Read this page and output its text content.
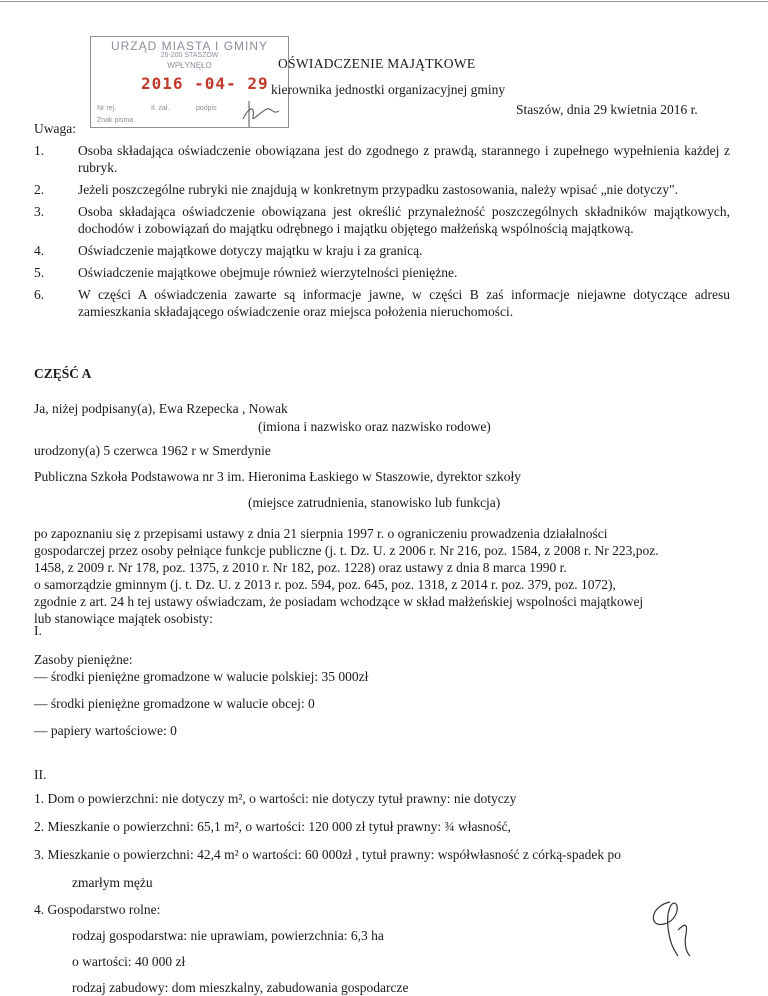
URZĄD MIASTA I GMINY
26-200 STASZÓW
WPŁYNĘŁO
2016 -04- 29
Nr rej.	Il. zał.	podpis
Znak pisma
OŚWIADCZENIE MAJĄTKOWE
kierownika jednostki organizacyjnej gminy
Staszów, dnia 29 kwietnia 2016 r.
Uwaga:
1.	Osoba składająca oświadczenie obowiązana jest do zgodnego z prawdą, starannego i zupełnego wypełnienia każdej z rubryk.
2.	Jeżeli poszczególne rubryki nie znajdują w konkretnym przypadku zastosowania, należy wpisać „nie dotyczy".
3.	Osoba składająca oświadczenie obowiązana jest określić przynależność poszczególnych składników majątkowych, dochodów i zobowiązań do majątku odrębnego i majątku objętego małżeńską wspólnością majątkową.
4.	Oświadczenie majątkowe dotyczy majątku w kraju i za granicą.
5.	Oświadczenie majątkowe obejmuje również wierzytelności pieniężne.
6.	W części A oświadczenia zawarte są informacje jawne, w części B zaś informacje niejawne dotyczące adresu zamieszkania składającego oświadczenie oraz miejsca położenia nieruchomości.
CZĘŚĆ A
Ja, niżej podpisany(a), Ewa Rzepecka , Nowak
(imiona i nazwisko oraz nazwisko rodowe)
urodzony(a) 5 czerwca 1962 r w Smerdynie
Publiczna Szkoła Podstawowa nr 3 im. Hieronima Łaskiego w Staszowie, dyrektor szkoły
(miejsce zatrudnienia, stanowisko lub funkcja)
po zapoznaniu się z przepisami ustawy z dnia 21 sierpnia 1997 r. o ograniczeniu prowadzenia działalności
gospodarczej przez osoby pełniące funkcje publiczne (j. t. Dz. U. z 2006 r. Nr 216, poz. 1584, z 2008 r. Nr 223,poz.
1458, z 2009 r. Nr 178, poz. 1375, z 2010 r. Nr 182, poz. 1228) oraz ustawy z dnia 8 marca 1990 r.
o samorządzie gminnym (j. t. Dz. U. z 2013 r. poz. 594, poz. 645, poz. 1318, z 2014 r. poz. 379, poz. 1072),
zgodnie z art. 24 h tej ustawy oświadczam, że posiadam wchodzące w skład małżeńskiej wspolności majątkowej
lub stanowiące majątek osobisty:
I.
Zasoby pieniężne:
— środki pieniężne gromadzone w walucie polskiej: 35 000zł
— środki pieniężne gromadzone w walucie obcej: 0
— papiery wartościowe: 0
II.
1. Dom o powierzchni: nie dotyczy m², o wartości: nie dotyczy tytuł prawny: nie dotyczy
2. Mieszkanie o powierzchni: 65,1 m², o wartości: 120 000 zł tytuł prawny: ¾ własność,
3. Mieszkanie o powierzchni: 42,4 m² o wartości: 60 000zł , tytuł prawny: współwłasność z córką-spadek po
zmarłym mężu
4. Gospodarstwo rolne:
rodzaj gospodarstwa: nie uprawiam, powierzchnia: 6,3 ha
o wartości: 40 000 zł
rodzaj zabudowy: dom mieszkalny, zabudowania gospodarcze
